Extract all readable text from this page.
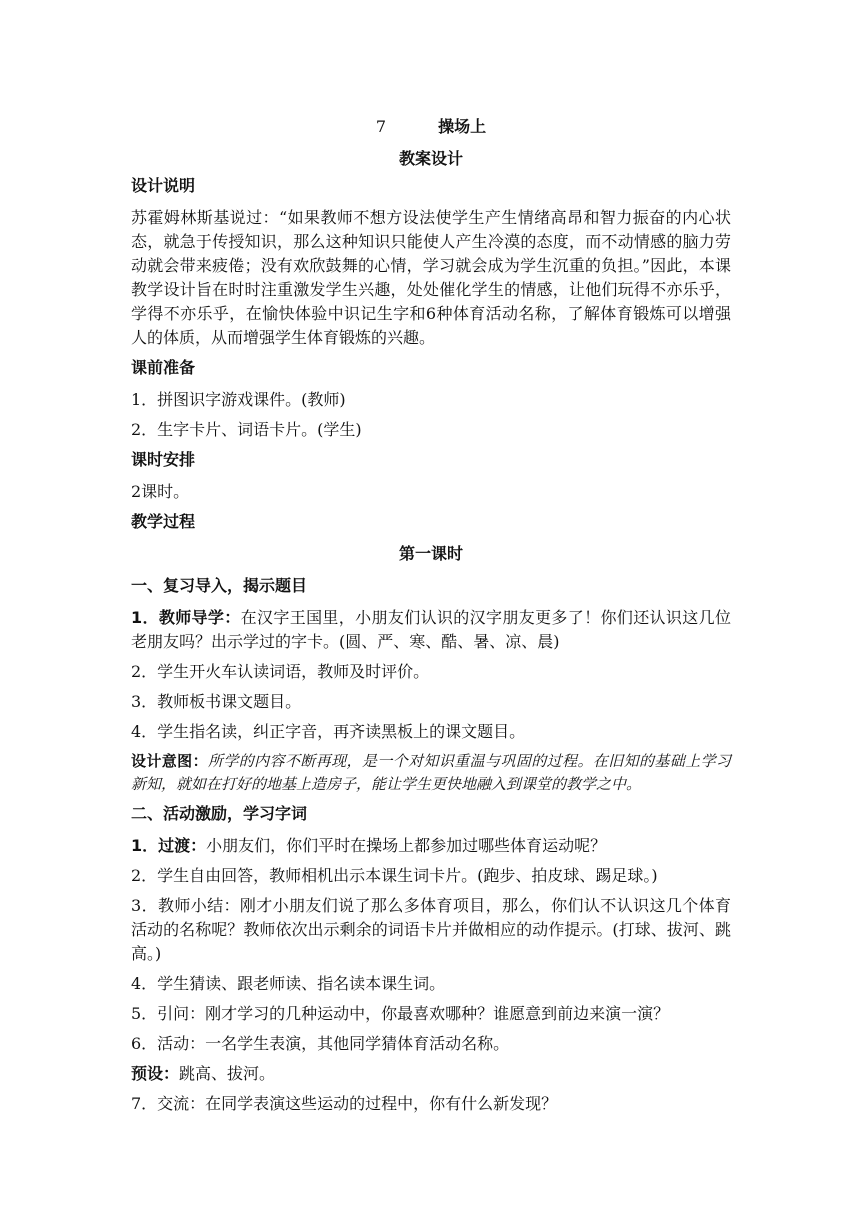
7	操场上
教案设计
设计说明

苏霍姆林斯基说过：“如果教师不想方设法使学生产生情绪高昂和智力振奋的内心状态，就急于传授知识，那么这种知识只能使人产生冷漠的态度，而不动情感的脑力劳动就会带来疲倦；没有欢欣鼓舞的心情，学习就会成为学生沉重的负担。”因此，本课教学设计旨在时时注重激发学生兴趣，处处催化学生的情感，让他们玩得不亦乐乎，学得不亦乐乎，在愉快体验中识记生字和6种体育活动名称，了解体育锻炼可以增强人的体质，从而增强学生体育锻炼的兴趣。

课前准备

1．拼图识字游戏课件。(教师)

2．生字卡片、词语卡片。(学生)

课时安排

2课时。

教学过程
第一课时
一、复习导入，揭示题目

1．教师导学：在汉字王国里，小朋友们认识的汉字朋友更多了！你们还认识这几位老朋友吗？出示学过的字卡。(圆、严、寒、酷、暑、凉、晨)

2．学生开火车认读词语，教师及时评价。

3．教师板书课文题目。

4．学生指名读，纠正字音，再齐读黑板上的课文题目。

设计意图：所学的内容不断再现，是一个对知识重温与巩固的过程。在旧知的基础上学习新知，就如在打好的地基上造房子，能让学生更快地融入到课堂的教学之中。

二、活动激励，学习字词

1．过渡：小朋友们，你们平时在操场上都参加过哪些体育运动呢？

2．学生自由回答，教师相机出示本课生词卡片。(跑步、拍皮球、踢足球。)

3．教师小结：刚才小朋友们说了那么多体育项目，那么，你们认不认识这几个体育活动的名称呢？教师依次出示剩余的词语卡片并做相应的动作提示。(打球、拔河、跳高。)

4．学生猜读、跟老师读、指名读本课生词。

5．引问：刚才学习的几种运动中，你最喜欢哪种？谁愿意到前边来演一演？

6．活动：一名学生表演，其他同学猜体育活动名称。

预设：跳高、拔河。

7．交流：在同学表演这些运动的过程中，你有什么新发现？
